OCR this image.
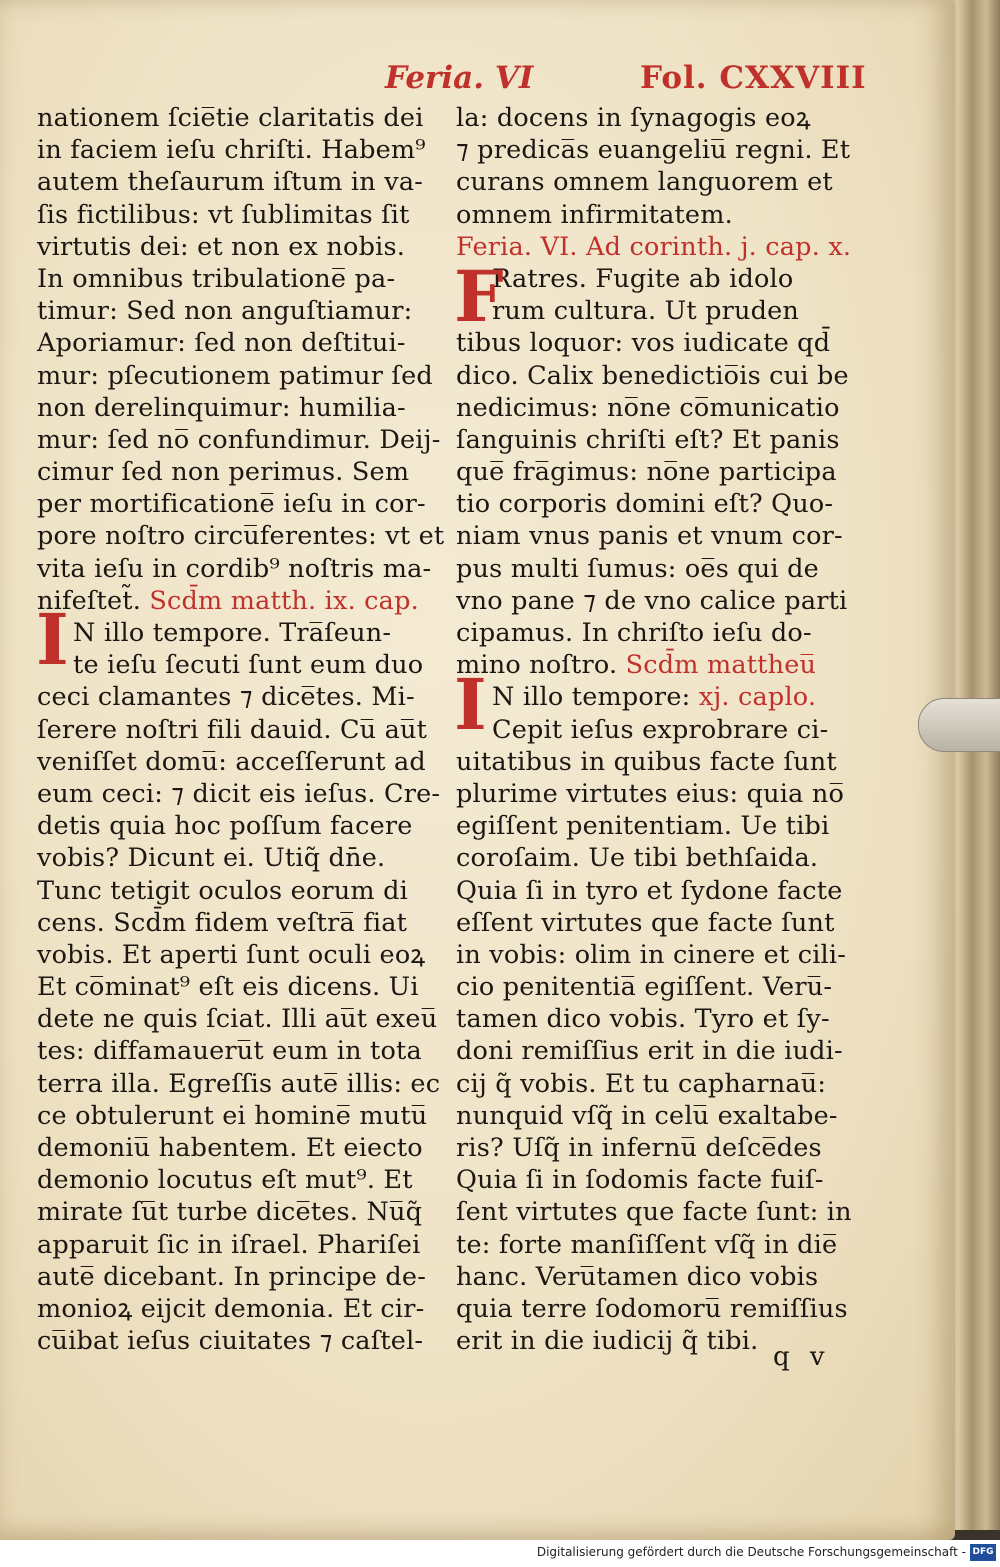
Feria. VI	Fol. CXXVIII
nationem ſcie̅tie claritatis dei
in faciem ieſu chriſti. Habem⁹
autem theſaurum iſtum in va-
ſis fictilibus: vt ſublimitas ſit
virtutis dei: et non ex nobis.
In omnibus tribulatione̅ pa-
timur: Sed non anguſtiamur:
Aporiamur: ſed non deſtitui-
mur: pſecutionem patimur ſed
non derelinquimur: humilia-
mur: ſed no̅ confundimur. Deij-
cimur ſed non perimus. Sem
per mortificatione̅ ieſu in cor-
pore noſtro circu̅ferentes: vt et
vita ieſu in cordib⁹ noſtris ma-
nifeſtet̃. Scd̄m matth. ix. cap.
N illo tempore. Tra̅ſeun-
te ieſu ſecuti ſunt eum duo
ceci clamantes ⁊ dice̅tes. Mi-
ſerere noſtri fili dauid. Cu̅ au̅t
veniſſet domu̅: acceſſerunt ad
eum ceci: ⁊ dicit eis ieſus. Cre-
detis quia hoc poſſum facere
vobis? Dicunt ei. Utiq̃ dn̄e.
Tunc tetigit oculos eorum di
cens. Scd̄m fidem veſtra̅ fiat
vobis. Et aperti ſunt oculi eoꝝ
Et co̅minat⁹ eſt eis dicens. Ui
dete ne quis ſciat. Illi au̅t exeu̅
tes: diffamaueru̅t eum in tota
terra illa. Egreſſis aute̅ illis: ec
ce obtulerunt ei homine̅ mutu̅
demoniu̅ habentem. Et eiecto
demonio locutus eſt mut⁹. Et
mirate ſu̅t turbe dice̅tes. Nu̅q̃
apparuit ſic in iſrael. Phariſei
aute̅ dicebant. In principe de-
monioꝝ eijcit demonia. Et cir-
cu̅ibat ieſus ciuitates ⁊ caſtel-
I
la: docens in ſynagogis eoꝝ
⁊ predica̅s euangeliu̅ regni. Et
curans omnem languorem et
omnem infirmitatem.
Feria. VI. Ad corinth. j. cap. x.
Ratres. Fugite ab idolo
rum cultura. Ut pruden
tibus loquor: vos iudicate qd̄
dico. Calix benedictio̅is cui be
nedicimus: no̅ne co̅municatio
ſanguinis chriſti eſt? Et panis
que̅ fra̅gimus: no̅ne participa
tio corporis domini eſt? Quo-
niam vnus panis et vnum cor-
pus multi ſumus: oe̅s qui de
vno pane ⁊ de vno calice parti
cipamus. In chriſto ieſu do-
mino noſtro. Scd̄m mattheu̅
N illo tempore: xj. caplo.
Cepit ieſus exprobrare ci-
uitatibus in quibus facte ſunt
plurime virtutes eius: quia no̅
egiſſent penitentiam. Ue tibi
coroſaim. Ue tibi bethſaida.
Quia ſi in tyro et ſydone facte
eſſent virtutes que facte ſunt
in vobis: olim in cinere et cili-
cio penitentia̅ egiſſent. Veru̅-
tamen dico vobis. Tyro et ſy-
doni remiſſius erit in die iudi-
cij q̃ vobis. Et tu capharnau̅:
nunquid vſq̃ in celu̅ exaltabe-
ris? Uſq̃ in infernu̅ deſce̅des
Quia ſi in ſodomis facte fuiſ-
ſent virtutes que facte ſunt: in
te: forte manſiſſent vſq̃ in die̅
hanc. Veru̅tamen dico vobis
quia terre ſodomoru̅ remiſſius
erit in die iudicij q̃ tibi.
F
I
q v
Digitalisierung gefördert durch die Deutsche Forschungsgemeinschaft - DFG
